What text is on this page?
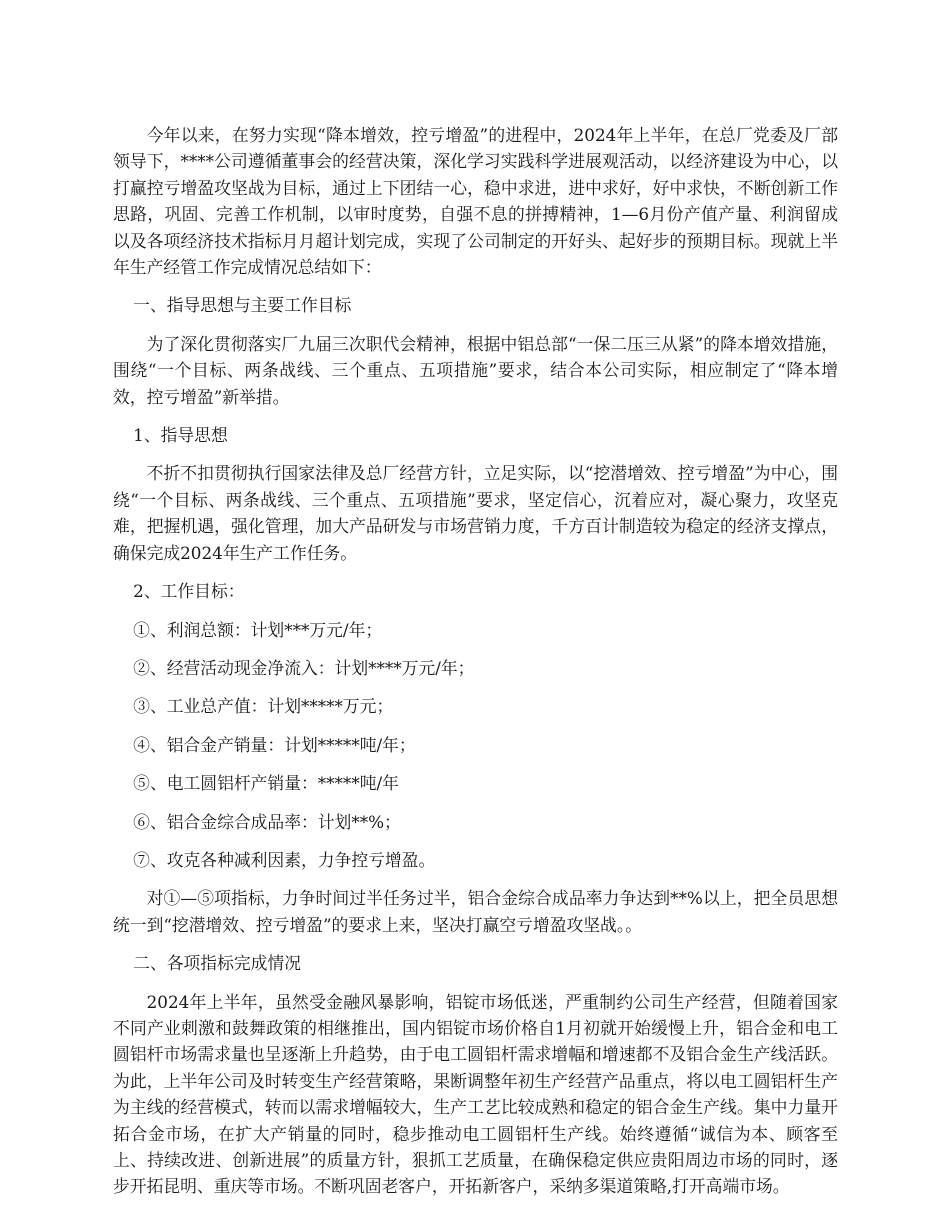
今年以来，在努力实现“降本增效，控亏增盈”的进程中，2024年上半年，在总厂党委及厂部领导下，****公司遵循董事会的经营决策，深化学习实践科学进展观活动，以经济建设为中心，以打赢控亏增盈攻坚战为目标，通过上下团结一心，稳中求进，进中求好，好中求快，不断创新工作思路，巩固、完善工作机制，以审时度势，自强不息的拼搏精神，1—6月份产值产量、利润留成以及各项经济技术指标月月超计划完成，实现了公司制定的开好头、起好步的预期目标。现就上半年生产经管工作完成情况总结如下：

一、指导思想与主要工作目标

为了深化贯彻落实厂九届三次职代会精神，根据中铝总部“一保二压三从紧”的降本增效措施，围绕“一个目标、两条战线、三个重点、五项措施”要求，结合本公司实际，相应制定了“降本增效，控亏增盈”新举措。

1、指导思想

不折不扣贯彻执行国家法律及总厂经营方针，立足实际，以“挖潜增效、控亏增盈”为中心，围绕“一个目标、两条战线、三个重点、五项措施”要求，坚定信心，沉着应对，凝心聚力，攻坚克难，把握机遇，强化管理，加大产品研发与市场营销力度，千方百计制造较为稳定的经济支撑点，确保完成2024年生产工作任务。

2、工作目标：

①、利润总额：计划***万元/年；

②、经营活动现金净流入：计划****万元/年；

③、工业总产值：计划*****万元；

④、铝合金产销量：计划*****吨/年；

⑤、电工圆铝杆产销量：*****吨/年

⑥、铝合金综合成品率：计划**%；

⑦、攻克各种减利因素，力争控亏增盈。

对①—⑤项指标，力争时间过半任务过半，铝合金综合成品率力争达到**%以上，把全员思想统一到“挖潜增效、控亏增盈”的要求上来，坚决打赢空亏增盈攻坚战。。

二、各项指标完成情况

2024年上半年，虽然受金融风暴影响，铝锭市场低迷，严重制约公司生产经营，但随着国家不同产业刺激和鼓舞政策的相继推出，国内铝锭市场价格自1月初就开始缓慢上升，铝合金和电工圆铝杆市场需求量也呈逐渐上升趋势，由于电工圆铝杆需求增幅和增速都不及铝合金生产线活跃。为此，上半年公司及时转变生产经营策略，果断调整年初生产经营产品重点，将以电工圆铝杆生产为主线的经营模式，转而以需求增幅较大，生产工艺比较成熟和稳定的铝合金生产线。集中力量开拓合金市场，在扩大产销量的同时，稳步推动电工圆铝杆生产线。始终遵循“诚信为本、顾客至上、持续改进、创新进展”的质量方针，狠抓工艺质量，在确保稳定供应贵阳周边市场的同时，逐步开拓昆明、重庆等市场。不断巩固老客户，开拓新客户，采纳多渠道策略,打开高端市场。
